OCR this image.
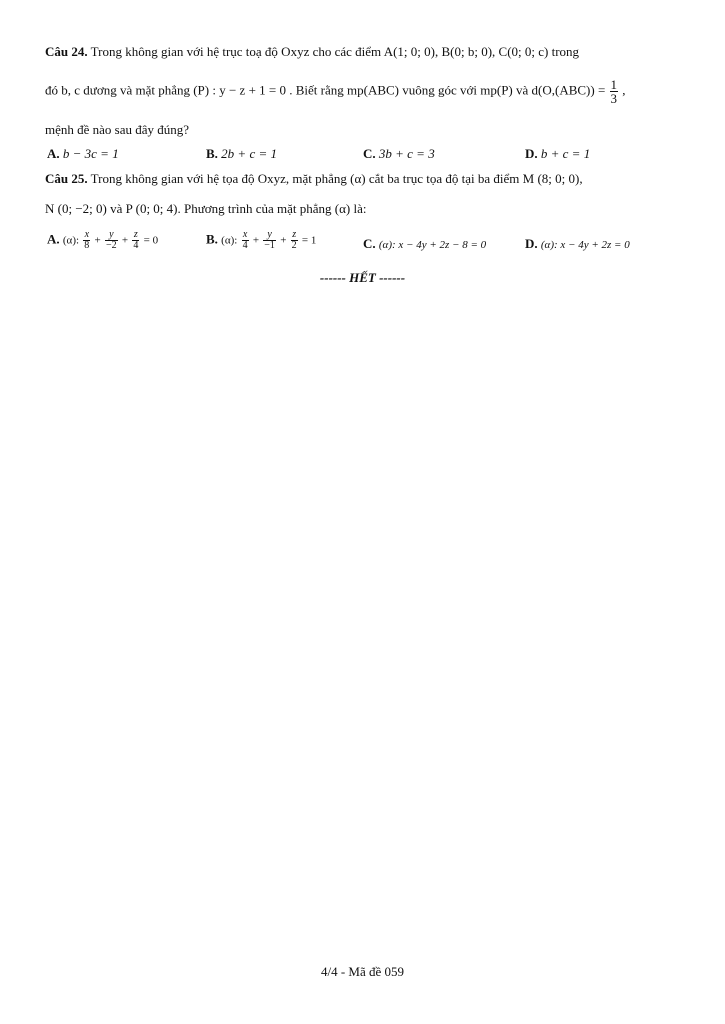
Câu 24. Trong không gian với hệ trục toạ độ Oxyz cho các điểm A(1; 0; 0), B(0; b; 0), C(0; 0; c) trong
đó b, c dương và mặt phẳng (P) : y − z + 1 = 0 . Biết rằng mp(ABC) vuông góc với mp(P) và $d(O,(ABC)) = \frac{1}{3}$ ,
mệnh đề nào sau đây đúng?
A. b − 3c = 1	B. 2b + c = 1	C. 3b + c = 3	D. b + c = 1
Câu 25. Trong không gian với hệ tọa độ Oxyz, mặt phẳng (α) cắt ba trục tọa độ tại ba điểm M (8; 0; 0),
N (0; −2; 0) và P (0; 0; 4). Phương trình của mặt phẳng (α) là:
A. (α): $\frac{x}{8} + \frac{y}{-2} + \frac{z}{4} = 0$	B. (α): $\frac{x}{4} + \frac{y}{-1} + \frac{z}{2} = 1$	C. (α): x − 4y + 2z − 8 = 0	D. (α): x − 4y + 2z = 0
------ HẾT ------
4/4 - Mã đề 059
